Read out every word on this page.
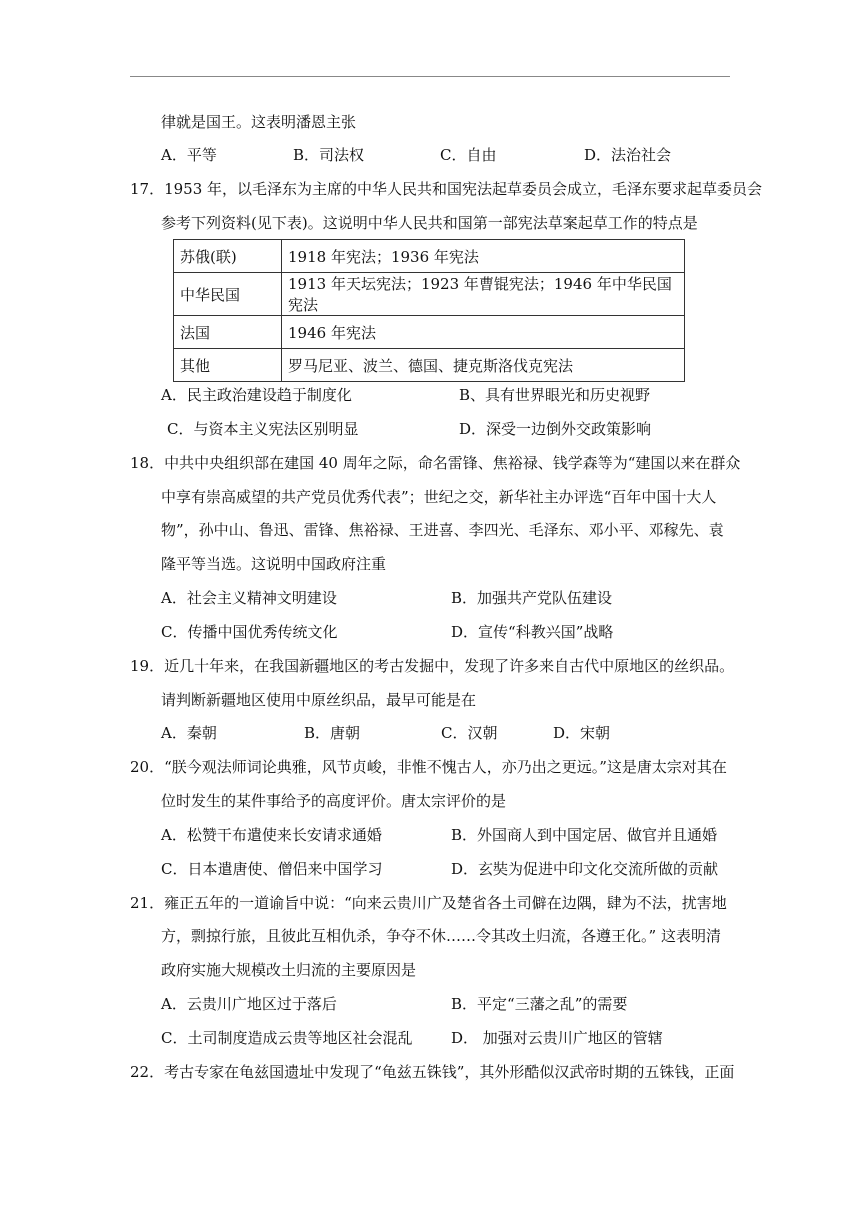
律就是国王。这表明潘恩主张
A．平等	B．司法权	C．自由	D．法治社会
17．1953 年，以毛泽东为主席的中华人民共和国宪法起草委员会成立，毛泽东要求起草委员会
参考下列资料(见下表)。这说明中华人民共和国第一部宪法草案起草工作的特点是
苏俄(联)	1918 年宪法；1936 年宪法
中华民国	1913 年天坛宪法；1923 年曹锟宪法；1946 年中华民国宪法
法国	1946 年宪法
其他	罗马尼亚、波兰、德国、捷克斯洛伐克宪法
A．民主政治建设趋于制度化	B、具有世界眼光和历史视野
C．与资本主义宪法区别明显	D．深受一边倒外交政策影响
18．中共中央组织部在建国 40 周年之际，命名雷锋、焦裕禄、钱学森等为“建国以来在群众
中享有崇高威望的共产党员优秀代表”；世纪之交，新华社主办评选“百年中国十大人
物”，孙中山、鲁迅、雷锋、焦裕禄、王进喜、李四光、毛泽东、邓小平、邓稼先、袁
隆平等当选。这说明中国政府注重
A．社会主义精神文明建设	B．加强共产党队伍建设
C．传播中国优秀传统文化	D．宣传“科教兴国”战略
19．近几十年来，在我国新疆地区的考古发掘中，发现了许多来自古代中原地区的丝织品。
请判断新疆地区使用中原丝织品，最早可能是在
A．秦朝	B．唐朝	C．汉朝	D．宋朝
20．“朕今观法师词论典雅，风节贞峻，非惟不愧古人，亦乃出之更远。”这是唐太宗对其在
位时发生的某件事给予的高度评价。唐太宗评价的是
A．松赞干布遣使来长安请求通婚	B．外国商人到中国定居、做官并且通婚
C．日本遣唐使、僧侣来中国学习	D．玄奘为促进中印文化交流所做的贡献
21．雍正五年的一道谕旨中说：“向来云贵川广及楚省各土司僻在边隅，肆为不法，扰害地
方，剽掠行旅，且彼此互相仇杀，争夺不休……令其改土归流，各遵王化。” 这表明清
政府实施大规模改土归流的主要原因是
A．云贵川广地区过于落后	B．平定“三藩之乱”的需要
C．土司制度造成云贵等地区社会混乱	D． 加强对云贵川广地区的管辖
22．考古专家在龟兹国遗址中发现了“龟兹五铢钱”，其外形酷似汉武帝时期的五铢钱，正面
